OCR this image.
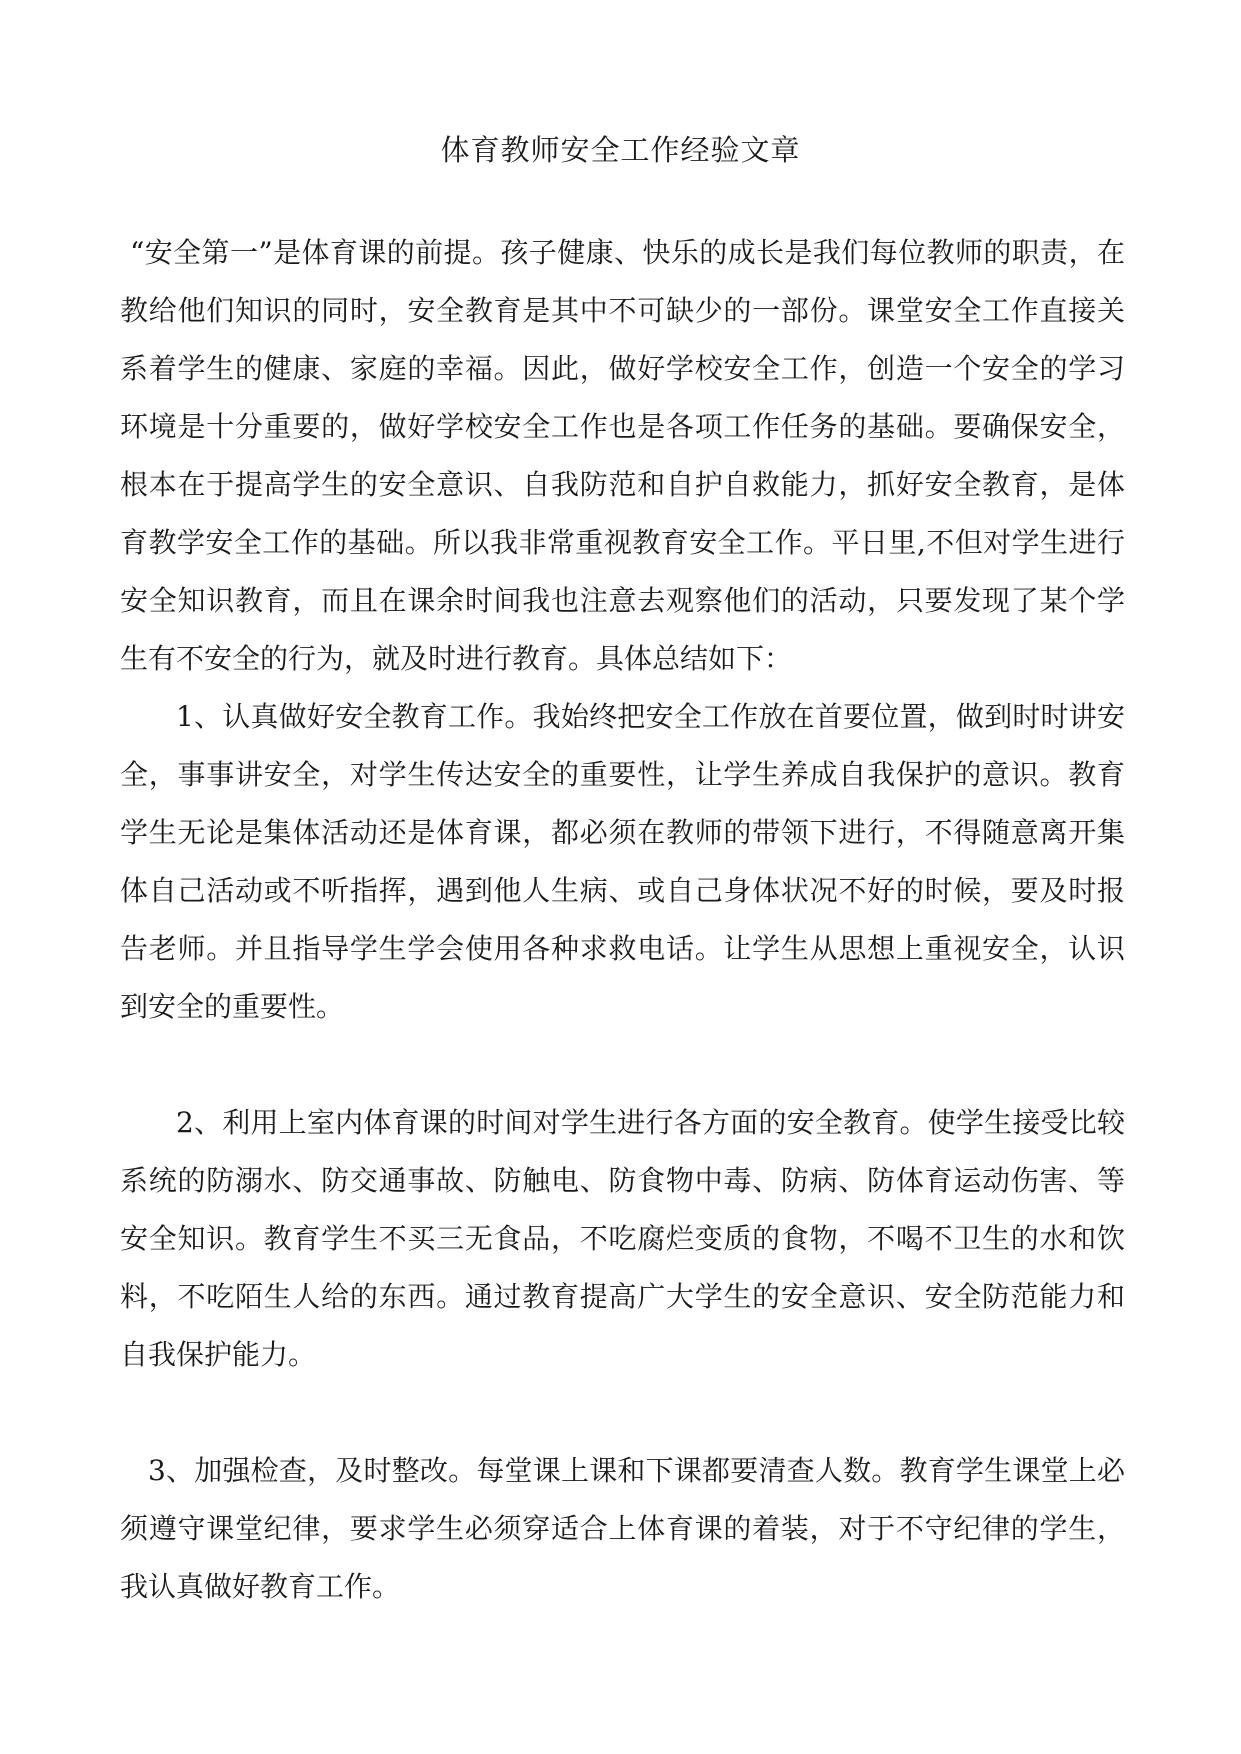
体育教师安全工作经验文章
“安全第一”是体育课的前提。孩子健康、快乐的成长是我们每位教师的职责，在教给他们知识的同时，安全教育是其中不可缺少的一部份。课堂安全工作直接关系着学生的健康、家庭的幸福。因此，做好学校安全工作，创造一个安全的学习环境是十分重要的，做好学校安全工作也是各项工作任务的基础。要确保安全，根本在于提高学生的安全意识、自我防范和自护自救能力，抓好安全教育，是体育教学安全工作的基础。所以我非常重视教育安全工作。平日里,不但对学生进行安全知识教育，而且在课余时间我也注意去观察他们的活动，只要发现了某个学生有不安全的行为，就及时进行教育。具体总结如下：
1、认真做好安全教育工作。我始终把安全工作放在首要位置，做到时时讲安全，事事讲安全，对学生传达安全的重要性，让学生养成自我保护的意识。教育学生无论是集体活动还是体育课，都必须在教师的带领下进行，不得随意离开集体自己活动或不听指挥，遇到他人生病、或自己身体状况不好的时候，要及时报告老师。并且指导学生学会使用各种求救电话。让学生从思想上重视安全，认识到安全的重要性。
2、利用上室内体育课的时间对学生进行各方面的安全教育。使学生接受比较系统的防溺水、防交通事故、防触电、防食物中毒、防病、防体育运动伤害、等安全知识。教育学生不买三无食品，不吃腐烂变质的食物，不喝不卫生的水和饮料，不吃陌生人给的东西。通过教育提高广大学生的安全意识、安全防范能力和自我保护能力。
3、加强检查，及时整改。每堂课上课和下课都要清查人数。教育学生课堂上必须遵守课堂纪律，要求学生必须穿适合上体育课的着装，对于不守纪律的学生，我认真做好教育工作。
